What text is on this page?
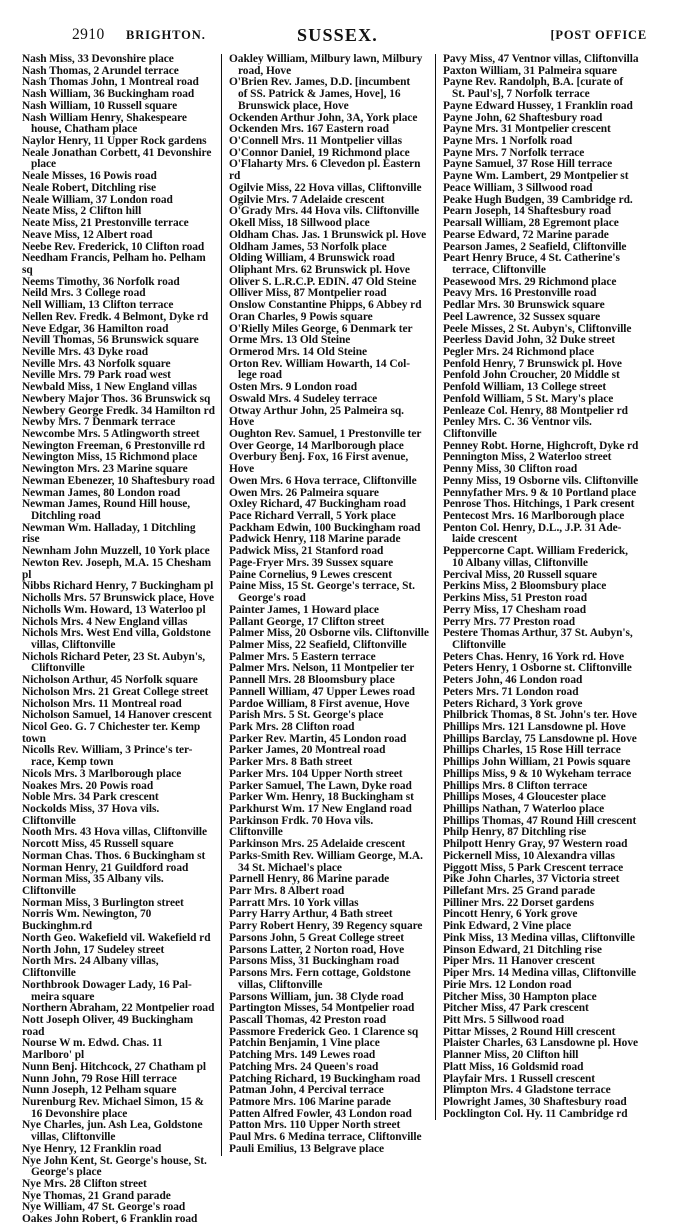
2910 BRIGHTON.	SUSSEX.	[POST OFFICE

Nash Miss, 33 Devonshire place

Nash Thomas, 2 Arundel terrace

Nash Thomas John, 1 Montreal road

Nash William, 36 Buckingham road

Nash William, 10 Russell square

Nash William Henry, Shakespeare
house, Chatham place

Naylor Henry, 11 Upper Rock gardens

Neale Jonathan Corbett, 41 Devonshire
place

Neale Misses, 16 Powis road

Neale Robert, Ditchling rise

Neale William, 37 London road

Neate Miss, 2 Clifton hill

Neate Miss, 21 Prestonville terrace

Neave Miss, 12 Albert road

Neebe Rev. Frederick, 10 Clifton road

Needham Francis, Pelham ho. Pelham sq

Neems Timothy, 36 Norfolk road

Neild Mrs. 3 College road

Nell William, 13 Clifton terrace

Nellen Rev. Fredk. 4 Belmont, Dyke rd

Neve Edgar, 36 Hamilton road

Nevill Thomas, 56 Brunswick square

Neville Mrs. 43 Dyke road

Neville Mrs. 43 Norfolk square

Neville Mrs. 79 Park road west

Newbald Miss, 1 New England villas

Newbery Major Thos. 36 Brunswick sq

Newbery George Fredk. 34 Hamilton rd

Newby Mrs. 7 Denmark terrace

Newcombe Mrs. 5 Atlingworth street

Newington Freeman, 6 Prestonville rd

Newington Miss, 15 Richmond place

Newington Mrs. 23 Marine square

Newman Ebenezer, 10 Shaftesbury road

Newman James, 80 London road

Newman James, Round Hill house,
Ditchling road

Newman Wm. Halladay, 1 Ditchling rise

Newnham John Muzzell, 10 York place

Newton Rev. Joseph, M.A. 15 Chesham pl

Nibbs Richard Henry, 7 Buckingham pl

Nicholls Mrs. 57 Brunswick place, Hove

Nicholls Wm. Howard, 13 Waterloo pl

Nichols Mrs. 4 New England villas

Nichols Mrs. West End villa, Goldstone
villas, Cliftonville

Nichols Richard Peter, 23 St. Aubyn's,
Cliftonville

Nicholson Arthur, 45 Norfolk square

Nicholson Mrs. 21 Great College street

Nicholson Mrs. 11 Montreal road

Nicholson Samuel, 14 Hanover crescent

Nicol Geo. G. 7 Chichester ter. Kemp town

Nicolls Rev. William, 3 Prince's ter-
race, Kemp town

Nicols Mrs. 3 Marlborough place

Noakes Mrs. 20 Powis road

Noble Mrs. 34 Park crescent

Nockolds Miss, 37 Hova vils. Cliftonville

Nooth Mrs. 43 Hova villas, Cliftonville

Norcott Miss, 45 Russell square

Norman Chas. Thos. 6 Buckingham st

Norman Henry, 21 Guildford road

Norman Miss, 35 Albany vils. Cliftonville

Norman Miss, 3 Burlington street

Norris Wm. Newington, 70 Buckinghm.rd

North Geo. Wakefield vil. Wakefield rd

North John, 17 Sudeley street

North Mrs. 24 Albany villas, Cliftonville

Northbrook Dowager Lady, 16 Pal-
meira square

Northern Abraham, 22 Montpelier road

Nott Joseph Oliver, 49 Buckingham road

Nourse W m. Edwd. Chas. 11 Marlboro' pl

Nunn Benj. Hitchcock, 27 Chatham pl

Nunn John, 79 Rose Hill terrace

Nunn Joseph, 12 Pelham square

Nurenburg Rev. Michael Simon, 15 &
16 Devonshire place

Nye Charles, jun. Ash Lea, Goldstone
villas, Cliftonville

Nye Henry, 12 Franklin road

Nye John Kent, St. George's house, St.
George's place

Nye Mrs. 28 Clifton street

Nye Thomas, 21 Grand parade

Nye William, 47 St. George's road

Oakes John Robert, 6 Franklin road

Oakley William, Milbury lawn, Milbury
road, Hove

O'Brien Rev. James, D.D. [incumbent
of SS. Patrick & James, Hove], 16
Brunswick place, Hove

Ockenden Arthur John, 3A, York place

Ockenden Mrs. 167 Eastern road

O'Connell Mrs. 11 Montpelier villas

O'Connor Daniel, 19 Richmond place

O'Flaharty Mrs. 6 Clevedon pl. Eastern rd

Ogilvie Miss, 22 Hova villas, Cliftonville

Ogilvie Mrs. 7 Adelaide crescent

O'Grady Mrs. 44 Hova vils. Cliftonville

Okell Miss, 18 Sillwood place

Oldham Chas. Jas. 1 Brunswick pl. Hove

Oldham James, 53 Norfolk place

Olding William, 4 Brunswick road

Oliphant Mrs. 62 Brunswick pl. Hove

Oliver S. L.R.C.P. EDIN. 47 Old Steine

Olliver Miss, 87 Montpelier road

Onslow Constantine Phipps, 6 Abbey rd

Oran Charles, 9 Powis square

O'Rielly Miles George, 6 Denmark ter

Orme Mrs. 13 Old Steine

Ormerod Mrs. 14 Old Steine

Orton Rev. William Howarth, 14 Col-
lege road

Osten Mrs. 9 London road

Oswald Mrs. 4 Sudeley terrace

Otway Arthur John, 25 Palmeira sq. Hove

Oughton Rev. Samuel, 1 Prestonville ter

Over George, 14 Marlborough place

Overbury Benj. Fox, 16 First avenue, Hove

Owen Mrs. 6 Hova terrace, Cliftonville

Owen Mrs. 26 Palmeira square

Oxley Richard, 47 Buckingham road

Pace Richard Verrall, 5 York place

Packham Edwin, 100 Buckingham road

Padwick Henry, 118 Marine parade

Padwick Miss, 21 Stanford road

Page-Fryer Mrs. 39 Sussex square

Paine Cornelius, 9 Lewes crescent

Paine Miss, 15 St. George's terrace, St.
George's road

Painter James, 1 Howard place

Pallant George, 17 Clifton street

Palmer Miss, 20 Osborne vils. Cliftonville

Palmer Miss, 22 Seafield, Cliftonville

Palmer Mrs. 5 Eastern terrace

Palmer Mrs. Nelson, 11 Montpelier ter

Pannell Mrs. 28 Bloomsbury place

Pannell William, 47 Upper Lewes road

Pardoe William, 8 First avenue, Hove

Parish Mrs. 5 St. George's place

Park Mrs. 28 Clifton road

Parker Rev. Martin, 45 London road

Parker James, 20 Montreal road

Parker Mrs. 8 Bath street

Parker Mrs. 104 Upper North street

Parker Samuel, The Lawn, Dyke road

Parker Wm. Henry, 18 Buckingham st

Parkhurst Wm. 17 New England road

Parkinson Frdk. 70 Hova vils. Cliftonville

Parkinson Mrs. 25 Adelaide crescent

Parks-Smith Rev. William George, M.A.
34 St. Michael's place

Parnell Henry, 86 Marine parade

Parr Mrs. 8 Albert road

Parratt Mrs. 10 York villas

Parry Harry Arthur, 4 Bath street

Parry Robert Henry, 39 Regency square

Parsons John, 5 Great College street

Parsons Latter, 2 Norton road, Hove

Parsons Miss, 31 Buckingham road

Parsons Mrs. Fern cottage, Goldstone
villas, Cliftonville

Parsons William, jun. 38 Clyde road

Partington Misses, 54 Montpelier road

Pascall Thomas, 42 Preston road

Passmore Frederick Geo. 1 Clarence sq

Patchin Benjamin, 1 Vine place

Patching Mrs. 149 Lewes road

Patching Mrs. 24 Queen's road

Patching Richard, 19 Buckingham road

Patman John, 4 Percival terrace

Patmore Mrs. 106 Marine parade

Patten Alfred Fowler, 43 London road

Patton Mrs. 110 Upper North street

Paul Mrs. 6 Medina terrace, Cliftonville

Pauli Emilius, 13 Belgrave place

Pavy Miss, 47 Ventnor villas, Cliftonvilla

Paxton William, 31 Palmeira square

Payne Rev. Randolph, B.A. [curate of
St. Paul's], 7 Norfolk terrace

Payne Edward Hussey, 1 Franklin road

Payne John, 62 Shaftesbury road

Payne Mrs. 31 Montpelier crescent

Payne Mrs. 1 Norfolk road

Payne Mrs. 7 Norfolk terrace

Payne Samuel, 37 Rose Hill terrace

Payne Wm. Lambert, 29 Montpelier st

Peace William, 3 Sillwood road

Peake Hugh Budgen, 39 Cambridge rd.

Pearn Joseph, 14 Shaftesbury road

Pearsall William, 28 Egremont place

Pearse Edward, 72 Marine parade

Pearson James, 2 Seafield, Cliftonville

Peart Henry Bruce, 4 St. Catherine's
terrace, Cliftonville

Peasewood Mrs. 29 Richmond place

Peavy Mrs. 16 Prestonville road

Pedlar Mrs. 30 Brunswick square

Peel Lawrence, 32 Sussex square

Peele Misses, 2 St. Aubyn's, Cliftonville

Peerless David John, 32 Duke street

Pegler Mrs. 24 Richmond place

Penfold Henry, 7 Brunswick pl. Hove

Penfold John Croucher, 20 Middle st

Penfold William, 13 College street

Penfold William, 5 St. Mary's place

Penleaze Col. Henry, 88 Montpelier rd

Penley Mrs. C. 36 Ventnor vils. Cliftonville

Penney Robt. Horne, Highcroft, Dyke rd

Pennington Miss, 2 Waterloo street

Penny Miss, 30 Clifton road

Penny Miss, 19 Osborne vils. Cliftonville

Pennyfather Mrs. 9 & 10 Portland place

Penrose Thos. Hitchings, 1 Park cresent

Pentecost Mrs. 16 Marlborough place

Penton Col. Henry, D.L., J.P. 31 Ade-
laide crescent

Peppercorne Capt. William Frederick,
10 Albany villas, Cliftonville

Percival Miss, 20 Russell square

Perkins Miss, 2 Bloomsbury place

Perkins Miss, 51 Preston road

Perry Miss, 17 Chesham road

Perry Mrs. 77 Preston road

Pestere Thomas Arthur, 37 St. Aubyn's,
Cliftonville

Peters Chas. Henry, 16 York rd. Hove

Peters Henry, 1 Osborne st. Cliftonville

Peters John, 46 London road

Peters Mrs. 71 London road

Peters Richard, 3 York grove

Philbrick Thomas, 8 St. John's ter. Hove

Phillips Mrs. 121 Lansdowne pl. Hove

Phillips Barclay, 75 Lansdowne pl. Hove

Phillips Charles, 15 Rose Hill terrace

Phillips John William, 21 Powis square

Phillips Miss, 9 & 10 Wykeham terrace

Phillips Mrs. 8 Clifton terrace

Phillips Moses, 4 Gloucester place

Phillips Nathan, 7 Waterloo place

Phillips Thomas, 47 Round Hill crescent

Philp Henry, 87 Ditchling rise

Philpott Henry Gray, 97 Western road

Pickernell Miss, 10 Alexandra villas

Piggott Miss, 5 Park Crescent terrace

Pike John Charles, 37 Victoria street

Pillefant Mrs. 25 Grand parade

Pilliner Mrs. 22 Dorset gardens

Pincott Henry, 6 York grove

Pink Edward, 2 Vine place

Pink Miss, 13 Medina villas, Cliftonville

Pinson Edward, 21 Ditchling rise

Piper Mrs. 11 Hanover crescent

Piper Mrs. 14 Medina villas, Cliftonville

Pirie Mrs. 12 London road

Pitcher Miss, 30 Hampton place

Pitcher Miss, 47 Park crescent

Pitt Mrs. 5 Sillwood road

Pittar Misses, 2 Round Hill crescent

Plaister Charles, 63 Lansdowne pl. Hove

Planner Miss, 20 Clifton hill

Platt Miss, 16 Goldsmid road

Playfair Mrs. 1 Russell crescent

Plimpton Mrs. 4 Gladstone terrace

Plowright James, 30 Shaftesbury road

Pocklington Col. Hy. 11 Cambridge rd
